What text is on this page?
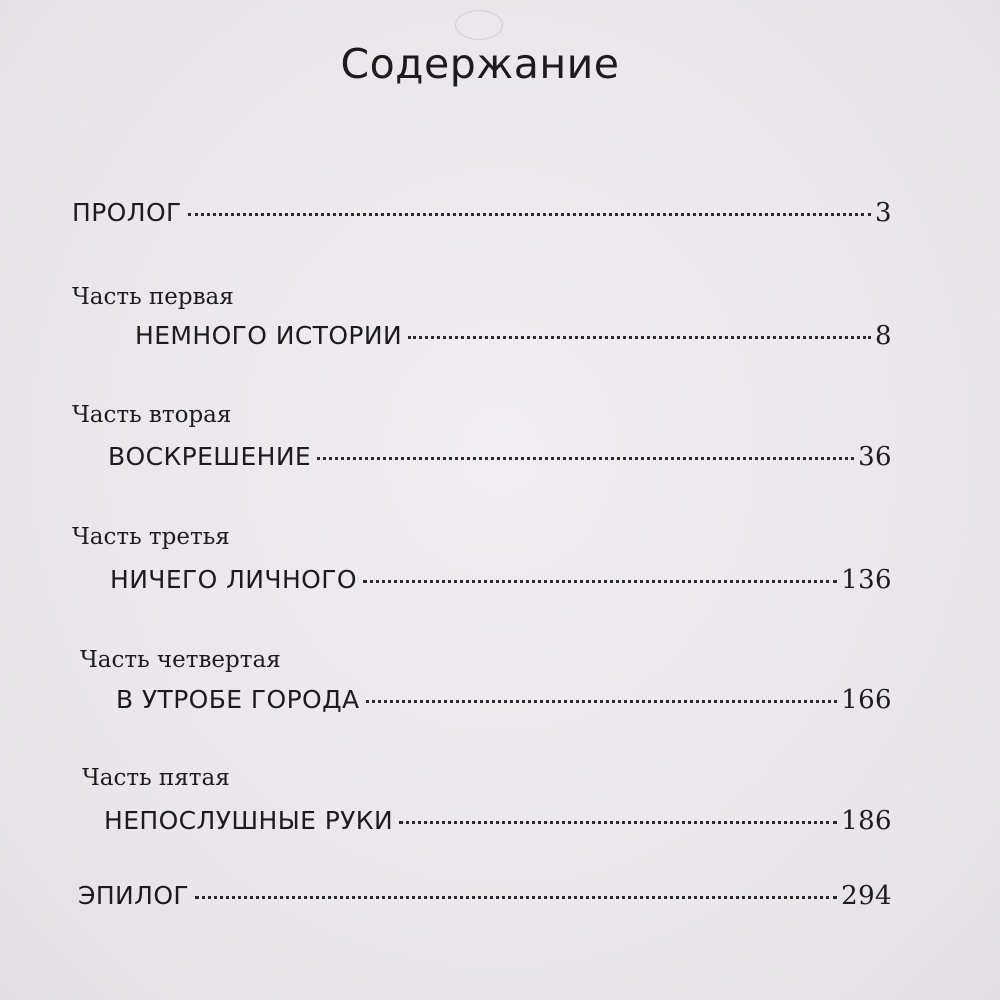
Содержание
ПРОЛОГ	3
Часть первая
НЕМНОГО ИСТОРИИ	8
Часть вторая
ВОСКРЕШЕНИЕ	36
Часть третья
НИЧЕГО ЛИЧНОГО	136
Часть четвертая
В УТРОБЕ ГОРОДА	166
Часть пятая
НЕПОСЛУШНЫЕ РУКИ	186
ЭПИЛОГ	294
